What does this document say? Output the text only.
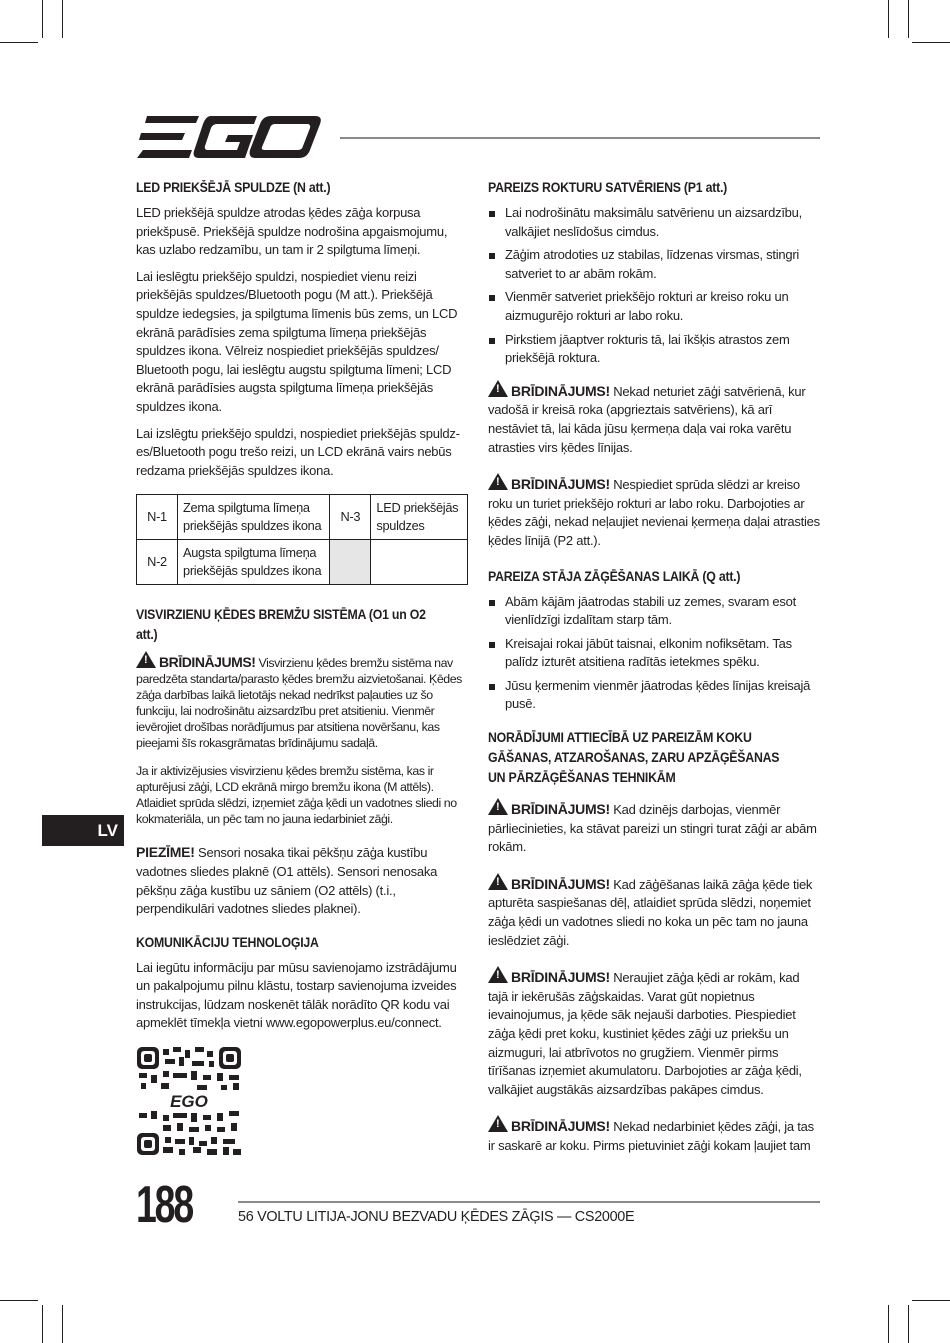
LED PRIEKŠĒJĀ SPULDZE (N att.)

LED priekšējā spuldze atrodas ķēdes zāģa korpusa priekšpusē. Priekšējā spuldze nodrošina apgaismojumu, kas uzlabo redzamību, un tam ir 2 spilgtuma līmeņi.

Lai ieslēgtu priekšējo spuldzi, nospiediet vienu reizi priekšējās spuldzes/Bluetooth pogu (M att.). Priekšējā spuldze iedegsies, ja spilgtuma līmenis būs zems, un LCD ekrānā parādīsies zema spilgtuma līmeņa priekšējās spuldzes ikona. Vēlreiz nospiediet priekšējās spuldzes/ Bluetooth pogu, lai ieslēgtu augstu spilgtuma līmeni; LCD ekrānā parādīsies augsta spilgtuma līmeņa priekšējās spuldzes ikona.

Lai izslēgtu priekšējo spuldzi, nospiediet priekšējās spuldz-es/Bluetooth pogu trešo reizi, un LCD ekrānā vairs nebūs redzama priekšējās spuldzes ikona.

N-1	Zema spilgtuma līmeņa priekšējās spuldzes ikona	N-3	LED priekšējās spuldzes
N-2	Augsta spilgtuma līmeņa priekšējās spuldzes ikona		
VISVIRZIENU ĶĒDES BREMŽU SISTĒMA (O1 un O2 att.)

!BRĪDINĀJUMS! Visvirzienu ķēdes bremžu sistēma nav paredzēta standarta/parasto ķēdes bremžu aizvietošanai. Ķēdes zāģa darbības laikā lietotājs nekad nedrīkst paļauties uz šo funkciju, lai nodrošinātu aizsardzību pret atsitieniu. Vienmēr ievērojiet drošības norādījumus par atsitiena novēršanu, kas pieejami šīs rokasgrāmatas brīdinājumu sadaļā.

Ja ir aktivizējusies visvirzienu ķēdes bremžu sistēma, kas ir apturējusi zāģi, LCD ekrānā mirgo bremžu ikona (M attēls). Atlaidiet sprūda slēdzi, izņemiet zāģa ķēdi un vadotnes sliedi no kokmateriāla, un pēc tam no jauna iedarbiniet zāģi.

PIEZĪME! Sensori nosaka tikai pēkšņu zāģa kustību vadotnes sliedes plaknē (O1 attēls). Sensori nenosaka pēkšņu zāģa kustību uz sāniem (O2 attēls) (t.i., perpendikulāri vadotnes sliedes plaknei).

KOMUNIKĀCIJU TEHNOLOĢIJA

Lai iegūtu informāciju par mūsu savienojamo izstrādājumu un pakalpojumu pilnu klāstu, tostarp savienojuma izveides instrukcijas, lūdzam noskenēt tālāk norādīto QR kodu vai apmeklēt tīmekļa vietni www.egopowerplus.eu/connect.

EGO
PAREIZS ROKTURU SATVĒRIENS (P1 att.)
Lai nodrošinātu maksimālu satvērienu un aizsardzību, valkājiet neslīdošus cimdus.
Zāģim atrodoties uz stabilas, līdzenas virsmas, stingri satveriet to ar abām rokām.
Vienmēr satveriet priekšējo rokturi ar kreiso roku un aizmugurējo rokturi ar labo roku.
Pirkstiem jāaptver rokturis tā, lai īkšķis atrastos zem priekšējā roktura.

!BRĪDINĀJUMS! Nekad neturiet zāģi satvērienā, kur vadošā ir kreisā roka (apgrieztais satvēriens), kā arī nestāviet tā, lai kāda jūsu ķermeņa daļa vai roka varētu atrasties virs ķēdes līnijas.

!BRĪDINĀJUMS! Nespiediet sprūda slēdzi ar kreiso roku un turiet priekšējo rokturi ar labo roku. Darbojoties ar ķēdes zāģi, nekad neļaujiet nevienai ķermeņa daļai atrasties ķēdes līnijā (P2 att.).

PAREIZA STĀJA ZĀĢĒŠANAS LAIKĀ (Q att.)
Abām kājām jāatrodas stabili uz zemes, svaram esot vienlīdzīgi izdalītam starp tām.
Kreisajai rokai jābūt taisnai, elkonim nofiksētam. Tas palīdz izturēt atsitiena radītās ietekmes spēku.
Jūsu ķermenim vienmēr jāatrodas ķēdes līnijas kreisajā pusē.
NORĀDĪJUMI ATTIECĪBĀ UZ PAREIZĀM KOKU GĀŠANAS, ATZAROŠANAS, ZARU APZĀĢĒŠANAS UN PĀRZĀĢĒŠANAS TEHNIKĀM

!BRĪDINĀJUMS! Kad dzinējs darbojas, vienmēr pārliecinieties, ka stāvat pareizi un stingri turat zāģi ar abām rokām.

!BRĪDINĀJUMS! Kad zāģēšanas laikā zāģa ķēde tiek apturēta saspiešanas dēļ, atlaidiet sprūda slēdzi, noņemiet zāģa ķēdi un vadotnes sliedi no koka un pēc tam no jauna ieslēdziet zāģi.

!BRĪDINĀJUMS! Neraujiet zāģa ķēdi ar rokām, kad tajā ir iekērušās zāģskaidas. Varat gūt nopietnus ievainojumus, ja ķēde sāk nejauši darboties. Piespiediet zāģa ķēdi pret koku, kustiniet ķēdes zāģi uz priekšu un aizmuguri, lai atbrīvotos no grugžiem. Vienmēr pirms tīrīšanas izņemiet akumulatoru. Darbojoties ar zāģa ķēdi, valkājiet augstākās aizsardzības pakāpes cimdus.

!BRĪDINĀJUMS! Nekad nedarbiniet ķēdes zāģi, ja tas ir saskarē ar koku. Pirms pietuviniet zāģi kokam ļaujiet tam

LV
188	56 VOLTU LITIJA-JONU BEZVADU ĶĒDES ZĀĢIS — CS2000E
